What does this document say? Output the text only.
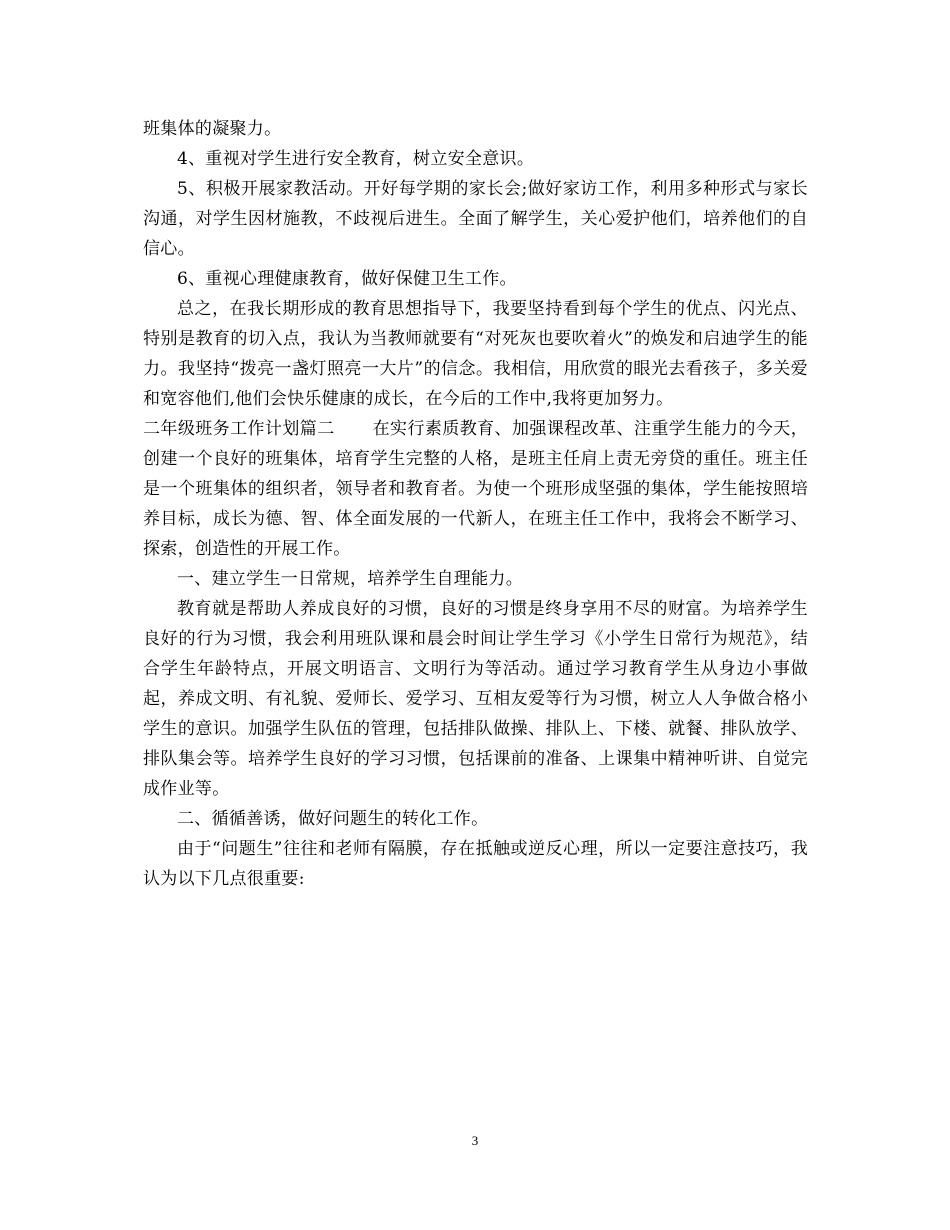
班集体的凝聚力。

4、重视对学生进行安全教育，树立安全意识。

5、积极开展家教活动。开好每学期的家长会;做好家访工作，利用多种形式与家长沟通，对学生因材施教，不歧视后进生。全面了解学生，关心爱护他们，培养他们的自信心。

6、重视心理健康教育，做好保健卫生工作。

总之，在我长期形成的教育思想指导下，我要坚持看到每个学生的优点、闪光点、特别是教育的切入点，我认为当教师就要有“对死灰也要吹着火”的焕发和启迪学生的能力。我坚持“拨亮一盏灯照亮一大片”的信念。我相信，用欣赏的眼光去看孩子，多关爱和宽容他们,他们会快乐健康的成长，在今后的工作中,我将更加努力。

二年级班务工作计划篇二 在实行素质教育、加强课程改革、注重学生能力的今天，创建一个良好的班集体，培育学生完整的人格，是班主任肩上责无旁贷的重任。班主任是一个班集体的组织者，领导者和教育者。为使一个班形成坚强的集体，学生能按照培养目标，成长为德、智、体全面发展的一代新人，在班主任工作中，我将会不断学习、探索，创造性的开展工作。

一、建立学生一日常规，培养学生自理能力。

教育就是帮助人养成良好的习惯，良好的习惯是终身享用不尽的财富。为培养学生良好的行为习惯，我会利用班队课和晨会时间让学生学习《小学生日常行为规范》，结合学生年龄特点，开展文明语言、文明行为等活动。通过学习教育学生从身边小事做起，养成文明、有礼貌、爱师长、爱学习、互相友爱等行为习惯，树立人人争做合格小学生的意识。加强学生队伍的管理，包括排队做操、排队上、下楼、就餐、排队放学、排队集会等。培养学生良好的学习习惯，包括课前的准备、上课集中精神听讲、自觉完成作业等。

二、循循善诱，做好问题生的转化工作。

由于“问题生”往往和老师有隔膜，存在抵触或逆反心理，所以一定要注意技巧，我认为以下几点很重要:

3
